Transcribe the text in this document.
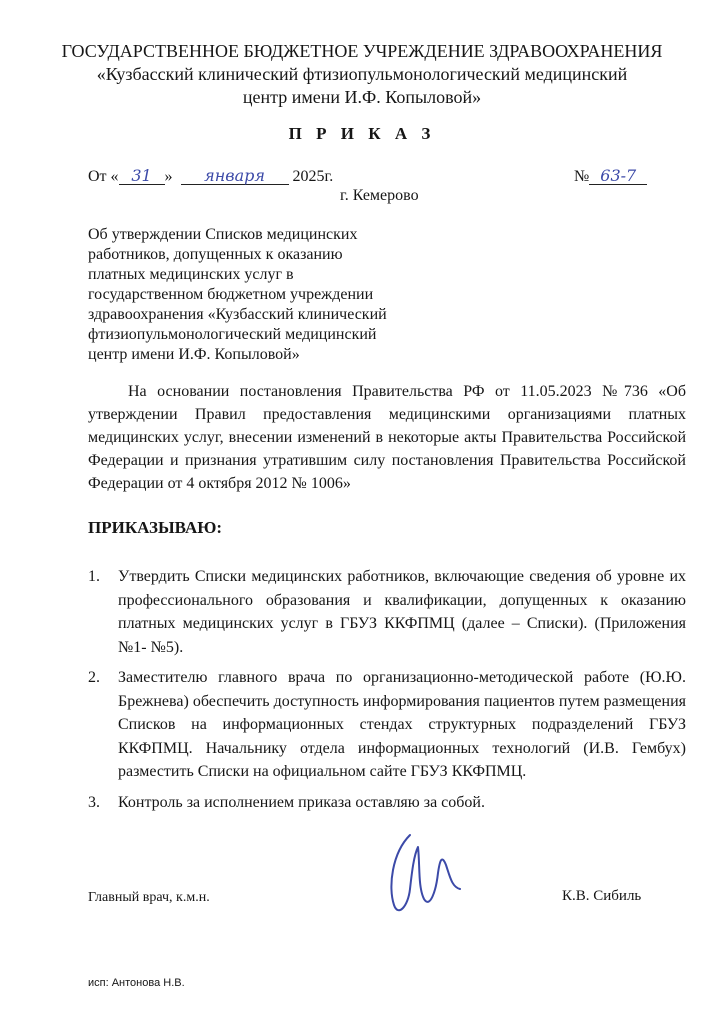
ГОСУДАРСТВЕННОЕ БЮДЖЕТНОЕ УЧРЕЖДЕНИЕ ЗДРАВООХРАНЕНИЯ
«Кузбасский клинический фтизиопульмонологический медицинский
центр имени И.Ф. Копыловой»
П Р И К А З
От « 31 » января 2025г.	№ 63-7
г. Кемерово
Об утверждении Списков медицинских
работников, допущенных к оказанию
платных медицинских услуг в
государственном бюджетном учреждении
здравоохранения «Кузбасский клинический
фтизиопульмонологический медицинский
центр имени И.Ф. Копыловой»

На основании постановления Правительства РФ от 11.05.2023 №736 «Об утверждении Правил предоставления медицинскими организациями платных медицинских услуг, внесении изменений в некоторые акты Правительства Российской Федерации и признания утратившим силу постановления Правительства Российской Федерации от 4 октября 2012 № 1006»

ПРИКАЗЫВАЮ:
1. Утвердить Списки медицинских работников, включающие сведения об уровне их профессионального образования и квалификации, допущенных к оказанию платных медицинских услуг в ГБУЗ ККФПМЦ (далее – Списки). (Приложения №1- №5).
2. Заместителю главного врача по организационно-методической работе (Ю.Ю. Брежнева) обеспечить доступность информирования пациентов путем размещения Списков на информационных стендах структурных подразделений ГБУЗ ККФПМЦ. Начальнику отдела информационных технологий (И.В. Гембух) разместить Списки на официальном сайте ГБУЗ ККФПМЦ.
3. Контроль за исполнением приказа оставляю за собой.
Главный врач, к.м.н.	К.В. Сибиль
исп: Антонова Н.В.
